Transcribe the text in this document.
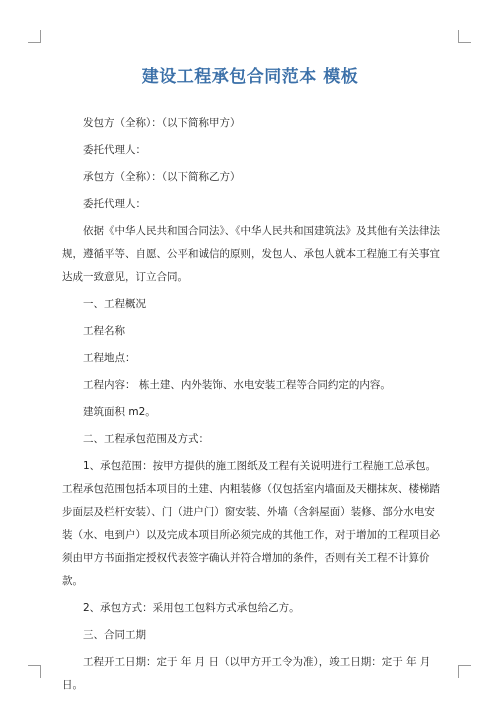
建设工程承包合同范本 模板

发包方（全称）：（以下简称甲方）

委托代理人：

承包方（全称）：（以下简称乙方）

委托代理人：

依据《中华人民共和国合同法》、《中华人民共和国建筑法》及其他有关法律法规，遵循平等、自愿、公平和诚信的原则，发包人、承包人就本工程施工有关事宜达成一致意见，订立合同。

一、工程概况

工程名称

工程地点：

工程内容： 栋土建、内外装饰、水电安装工程等合同约定的内容。

建筑面积 m2。

二、工程承包范围及方式：

1、承包范围：按甲方提供的施工图纸及工程有关说明进行工程施工总承包。工程承包范围包括本项目的土建、内粗装修（仅包括室内墙面及天棚抹灰、楼梯踏步面层及栏杆安装）、门（进户门）窗安装、外墙（含斜屋面）装修、部分水电安装（水、电到户）以及完成本项目所必须完成的其他工作，对于增加的工程项目必须由甲方书面指定授权代表签字确认并符合增加的条件，否则有关工程不计算价款。

2、承包方式：采用包工包料方式承包给乙方。

三、合同工期

工程开工日期：定于 年 月 日（以甲方开工令为准），竣工日期：定于 年 月 日。
